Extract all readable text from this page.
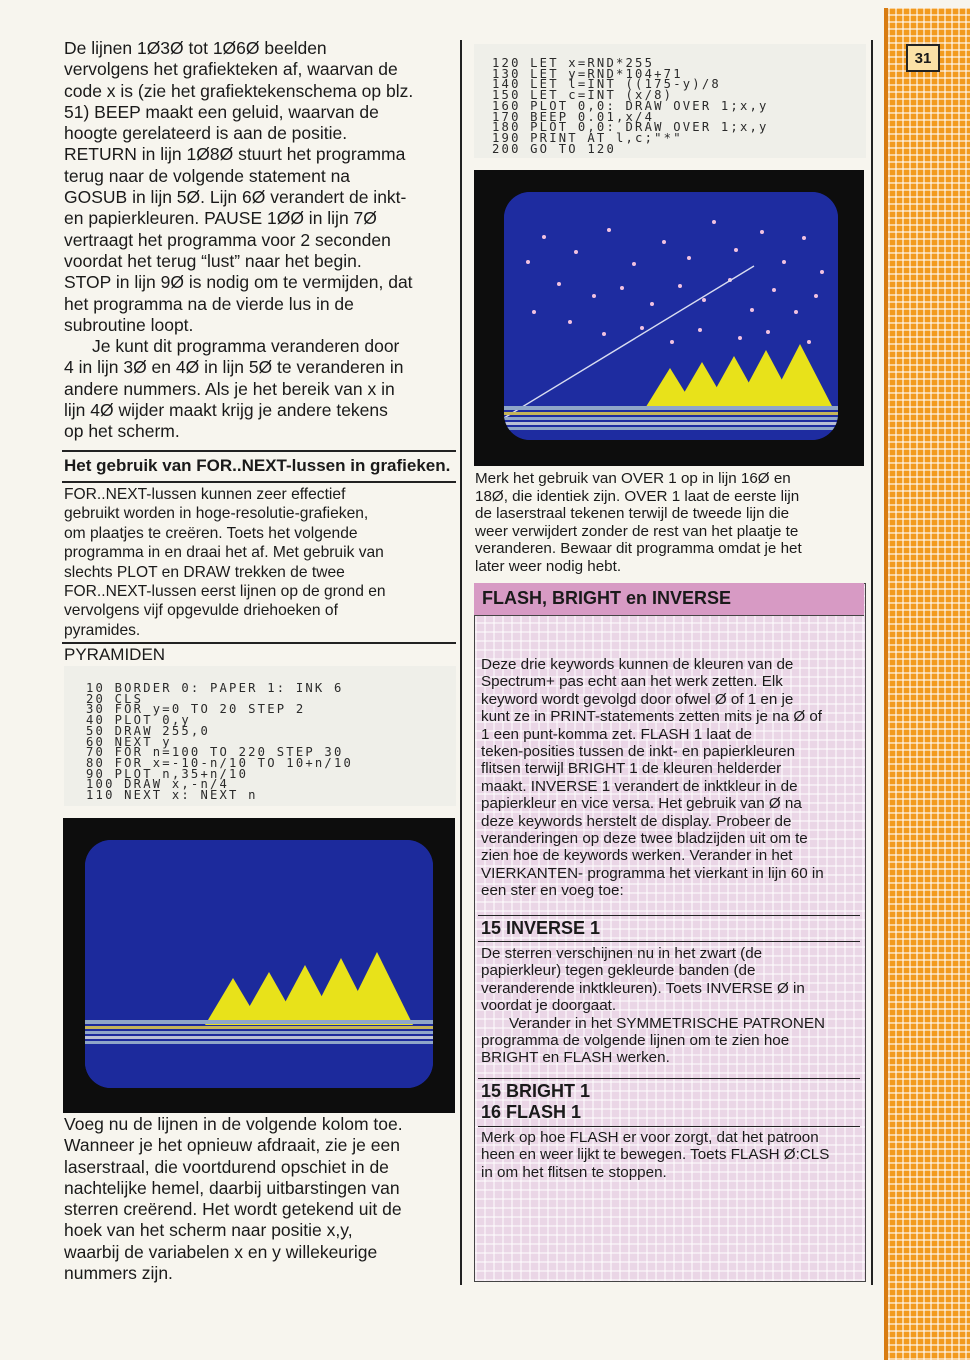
31

De lijnen 1Ø3Ø tot 1Ø6Ø beelden

vervolgens het grafiekteken af, waarvan de

code x is (zie het grafiektekenschema op blz.

51) BEEP maakt een geluid, waarvan de

hoogte gerelateerd is aan de positie.

RETURN in lijn 1Ø8Ø stuurt het programma

terug naar de volgende statement na

GOSUB in lijn 5Ø. Lijn 6Ø verandert de inkt-

en papierkleuren. PAUSE 1ØØ in lijn 7Ø

vertraagt het programma voor 2 seconden

voordat het terug “lust” naar het begin.

STOP in lijn 9Ø is nodig om te vermijden, dat

het programma na de vierde lus in de

subroutine loopt.

Je kunt dit programma veranderen door

4 in lijn 3Ø en 4Ø in lijn 5Ø te veranderen in

andere nummers. Als je het bereik van x in

lijn 4Ø wijder maakt krijg je andere tekens

op het scherm.

Het gebruik van FOR..NEXT-lussen in grafieken.

FOR..NEXT-lussen kunnen zeer effectief

gebruikt worden in hoge-resolutie-grafieken,

om plaatjes te creëren. Toets het volgende

programma in en draai het af. Met gebruik van

slechts PLOT en DRAW trekken de twee

FOR..NEXT-lussen eerst lijnen op de grond en

vervolgens vijf opgevulde driehoeken of

pyramides.

PYRAMIDEN
10 BORDER 0: PAPER 1: INK 6
20 CLS
30 FOR y=0 TO 20 STEP 2
40 PLOT 0,y
50 DRAW 255,0
60 NEXT y
70 FOR n=100 TO 220 STEP 30
80 FOR x=-10-n/10 TO 10+n/10
90 PLOT n,35+n/10
100 DRAW x,-n/4
110 NEXT x: NEXT n

Voeg nu de lijnen in de volgende kolom toe.

Wanneer je het opnieuw afdraait, zie je een

laserstraal, die voortdurend opschiet in de

nachtelijke hemel, daarbij uitbarstingen van

sterren creërend. Het wordt getekend uit de

hoek van het scherm naar positie x,y,

waarbij de variabelen x en y willekeurige

nummers zijn.

120 LET x=RND*255
130 LET y=RND*104+71
140 LET l=INT ((175-y)/8
150 LET c=INT (x/8)
160 PLOT 0,0: DRAW OVER 1;x,y
170 BEEP 0.01,x/4
180 PLOT 0,0: DRAW OVER 1;x,y
190 PRINT AT l,c;"*"
200 GO TO 120

Merk het gebruik van OVER 1 op in lijn 16Ø en

18Ø, die identiek zijn. OVER 1 laat de eerste lijn

de laserstraal tekenen terwijl de tweede lijn die

weer verwijdert zonder de rest van het plaatje te

veranderen. Bewaar dit programma omdat je het

later weer nodig hebt.

FLASH, BRIGHT en INVERSE

Deze drie keywords kunnen de kleuren van de

Spectrum+ pas echt aan het werk zetten. Elk

keyword wordt gevolgd door ofwel Ø of 1 en je

kunt ze in PRINT-statements zetten mits je na Ø of

1 een punt-komma zet. FLASH 1 laat de

teken-posities tussen de inkt- en papierkleuren

flitsen terwijl BRIGHT 1 de kleuren helderder

maakt. INVERSE 1 verandert de inktkleur in de

papierkleur en vice versa. Het gebruik van Ø na

deze keywords herstelt de display. Probeer de

veranderingen op deze twee bladzijden uit om te

zien hoe de keywords werken. Verander in het

VIERKANTEN- programma het vierkant in lijn 60 in

een ster en voeg toe:

15 INVERSE 1

De sterren verschijnen nu in het zwart (de

papierkleur) tegen gekleurde banden (de

veranderende inktkleuren). Toets INVERSE Ø in

voordat je doorgaat.

Verander in het SYMMETRISCHE PATRONEN

programma de volgende lijnen om te zien hoe

BRIGHT en FLASH werken.

15 BRIGHT 1
16 FLASH 1

Merk op hoe FLASH er voor zorgt, dat het patroon

heen en weer lijkt te bewegen. Toets FLASH Ø:CLS

in om het flitsen te stoppen.
